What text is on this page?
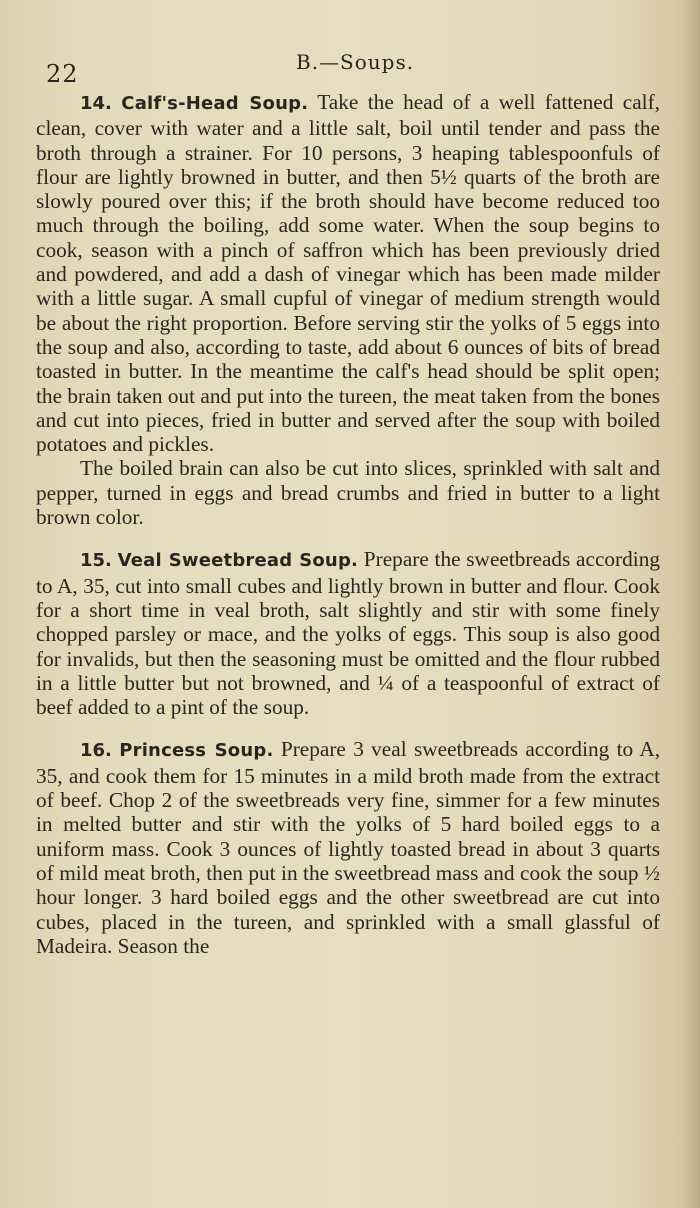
22	B.—Soups.

14. Calf's-Head Soup. Take the head of a well fattened calf, clean, cover with water and a little salt, boil until tender and pass the broth through a strainer. For 10 persons, 3 heaping tablespoonfuls of flour are lightly browned in butter, and then 5½ quarts of the broth are slowly poured over this; if the broth should have become reduced too much through the boiling, add some water. When the soup begins to cook, season with a pinch of saffron which has been previously dried and powdered, and add a dash of vinegar which has been made milder with a little sugar. A small cupful of vinegar of medium strength would be about the right proportion. Before serving stir the yolks of 5 eggs into the soup and also, according to taste, add about 6 ounces of bits of bread toasted in butter. In the meantime the calf's head should be split open; the brain taken out and put into the tureen, the meat taken from the bones and cut into pieces, fried in butter and served after the soup with boiled potatoes and pickles.

The boiled brain can also be cut into slices, sprinkled with salt and pepper, turned in eggs and bread crumbs and fried in butter to a light brown color.

15. Veal Sweetbread Soup. Prepare the sweetbreads according to A, 35, cut into small cubes and lightly brown in butter and flour. Cook for a short time in veal broth, salt slightly and stir with some finely chopped parsley or mace, and the yolks of eggs. This soup is also good for invalids, but then the seasoning must be omitted and the flour rubbed in a little butter but not browned, and ¼ of a teaspoonful of extract of beef added to a pint of the soup.

16. Princess Soup. Prepare 3 veal sweetbreads according to A, 35, and cook them for 15 minutes in a mild broth made from the extract of beef. Chop 2 of the sweetbreads very fine, simmer for a few minutes in melted butter and stir with the yolks of 5 hard boiled eggs to a uniform mass. Cook 3 ounces of lightly toasted bread in about 3 quarts of mild meat broth, then put in the sweetbread mass and cook the soup ½ hour longer. 3 hard boiled eggs and the other sweetbread are cut into cubes, placed in the tureen, and sprinkled with a small glassful of Madeira. Season the
